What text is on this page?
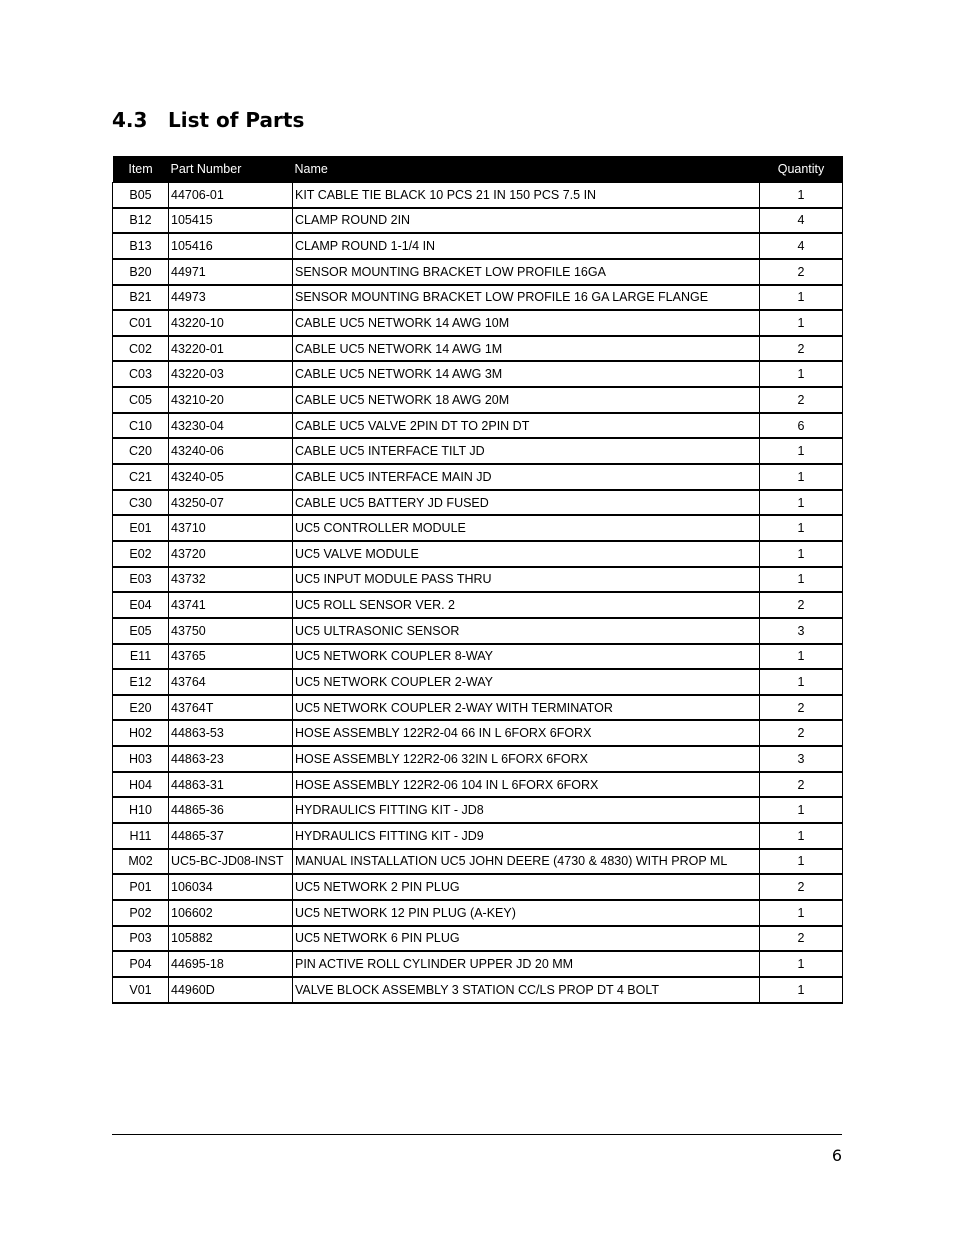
4.3 List of Parts
Item	Part Number	Name	Quantity
B05	44706-01	KIT CABLE TIE BLACK 10 PCS 21 IN 150 PCS 7.5 IN	1
B12	105415	CLAMP ROUND 2IN	4
B13	105416	CLAMP ROUND 1-1/4 IN	4
B20	44971	SENSOR MOUNTING BRACKET LOW PROFILE 16GA	2
B21	44973	SENSOR MOUNTING BRACKET LOW PROFILE 16 GA LARGE FLANGE	1
C01	43220-10	CABLE UC5 NETWORK 14 AWG 10M	1
C02	43220-01	CABLE UC5 NETWORK 14 AWG 1M	2
C03	43220-03	CABLE UC5 NETWORK 14 AWG 3M	1
C05	43210-20	CABLE UC5 NETWORK 18 AWG 20M	2
C10	43230-04	CABLE UC5 VALVE 2PIN DT TO 2PIN DT	6
C20	43240-06	CABLE UC5 INTERFACE TILT JD	1
C21	43240-05	CABLE UC5 INTERFACE MAIN JD	1
C30	43250-07	CABLE UC5 BATTERY JD FUSED	1
E01	43710	UC5 CONTROLLER MODULE	1
E02	43720	UC5 VALVE MODULE	1
E03	43732	UC5 INPUT MODULE PASS THRU	1
E04	43741	UC5 ROLL SENSOR VER. 2	2
E05	43750	UC5 ULTRASONIC SENSOR	3
E11	43765	UC5 NETWORK COUPLER 8-WAY	1
E12	43764	UC5 NETWORK COUPLER 2-WAY	1
E20	43764T	UC5 NETWORK COUPLER 2-WAY WITH TERMINATOR	2
H02	44863-53	HOSE ASSEMBLY 122R2-04 66 IN L 6FORX 6FORX	2
H03	44863-23	HOSE ASSEMBLY 122R2-06 32IN L 6FORX 6FORX	3
H04	44863-31	HOSE ASSEMBLY 122R2-06 104 IN L 6FORX 6FORX	2
H10	44865-36	HYDRAULICS FITTING KIT - JD8	1
H11	44865-37	HYDRAULICS FITTING KIT - JD9	1
M02	UC5-BC-JD08-INST	MANUAL INSTALLATION UC5 JOHN DEERE (4730 & 4830) WITH PROP ML	1
P01	106034	UC5 NETWORK 2 PIN PLUG	2
P02	106602	UC5 NETWORK 12 PIN PLUG (A-KEY)	1
P03	105882	UC5 NETWORK 6 PIN PLUG	2
P04	44695-18	PIN ACTIVE ROLL CYLINDER UPPER JD 20 MM	1
V01	44960D	VALVE BLOCK ASSEMBLY 3 STATION CC/LS PROP DT 4 BOLT	1
6
